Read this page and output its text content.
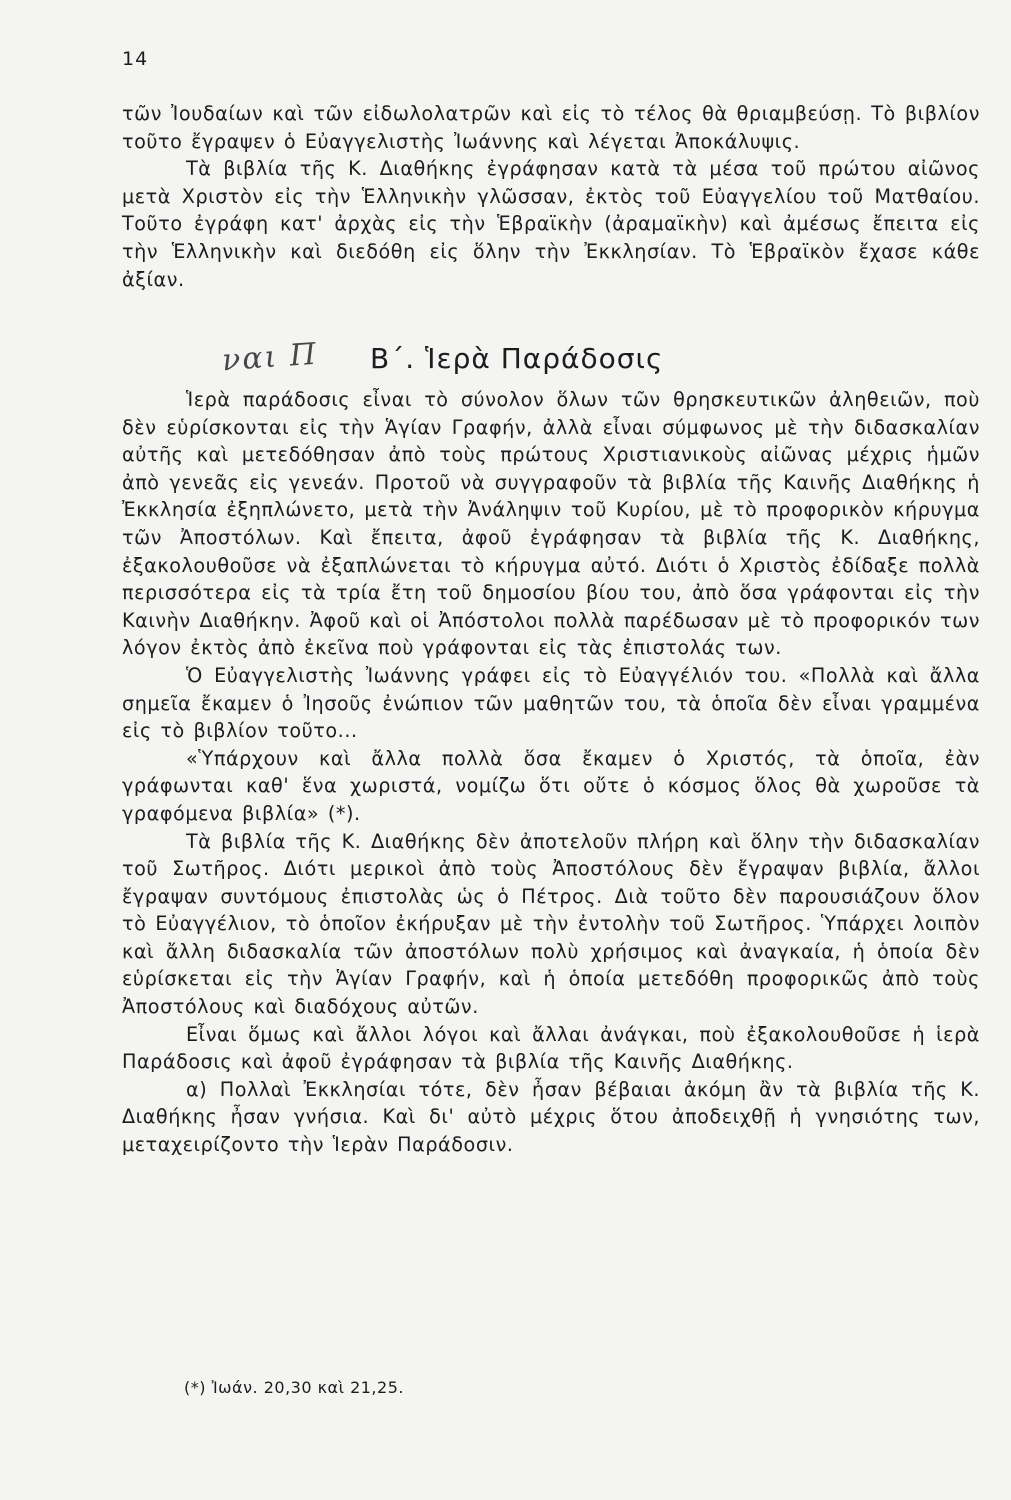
14

τῶν Ἰουδαίων καὶ τῶν εἰδωλολατρῶν καὶ εἰς τὸ τέλος θὰ θριαμβεύσῃ. Τὸ βιβλίον τοῦτο ἔγραψεν ὁ Εὐαγγελιστὴς Ἰωάννης καὶ λέγεται Ἀποκάλυψις.

Τὰ βιβλία τῆς Κ. Διαθήκης ἐγράφησαν κατὰ τὰ μέσα τοῦ πρώτου αἰῶνος μετὰ Χριστὸν εἰς τὴν Ἑλληνικὴν γλῶσσαν, ἐκτὸς τοῦ Εὐαγγελίου τοῦ Ματθαίου. Τοῦτο ἐγράφη κατ' ἀρχὰς εἰς τὴν Ἑβραϊκὴν (ἀραμαϊκὴν) καὶ ἀμέσως ἔπειτα εἰς τὴν Ἑλληνικὴν καὶ διεδόθη εἰς ὅλην τὴν Ἐκκλησίαν. Τὸ Ἑβραϊκὸν ἔχασε κάθε ἀξίαν.

ναι Π Β΄. Ἱερὰ Παράδοσις

Ἱερὰ παράδοσις εἶναι τὸ σύνολον ὅλων τῶν θρησκευτικῶν ἀληθειῶν, ποὺ δὲν εὑρίσκονται εἰς τὴν Ἁγίαν Γραφήν, ἀλλὰ εἶναι σύμφωνος μὲ τὴν διδασκαλίαν αὐτῆς καὶ μετεδόθησαν ἀπὸ τοὺς πρώτους Χριστιανικοὺς αἰῶνας μέχρις ἡμῶν ἀπὸ γενεᾶς εἰς γενεάν. Προτοῦ νὰ συγγραφοῦν τὰ βιβλία τῆς Καινῆς Διαθήκης ἡ Ἐκκλησία ἐξηπλώνετο, μετὰ τὴν Ἀνάληψιν τοῦ Κυρίου, μὲ τὸ προφορικὸν κήρυγμα τῶν Ἀποστόλων. Καὶ ἔπειτα, ἀφοῦ ἐγράφησαν τὰ βιβλία τῆς Κ. Διαθήκης, ἐξακολουθοῦσε νὰ ἐξαπλώνεται τὸ κήρυγμα αὐτό. Διότι ὁ Χριστὸς ἐδίδαξε πολλὰ περισσότερα εἰς τὰ τρία ἔτη τοῦ δημοσίου βίου του, ἀπὸ ὅσα γράφονται εἰς τὴν Καινὴν Διαθήκην. Ἀφοῦ καὶ οἱ Ἀπόστολοι πολλὰ παρέδωσαν μὲ τὸ προφορικόν των λόγον ἐκτὸς ἀπὸ ἐκεῖνα ποὺ γράφονται εἰς τὰς ἐπιστολάς των.

Ὁ Εὐαγγελιστὴς Ἰωάννης γράφει εἰς τὸ Εὐαγγέλιόν του. «Πολλὰ καὶ ἄλλα σημεῖα ἔκαμεν ὁ Ἰησοῦς ἐνώπιον τῶν μαθητῶν του, τὰ ὁποῖα δὲν εἶναι γραμμένα εἰς τὸ βιβλίον τοῦτο...

«Ὑπάρχουν καὶ ἄλλα πολλὰ ὅσα ἔκαμεν ὁ Χριστός, τὰ ὁποῖα, ἐὰν γράφωνται καθ' ἕνα χωριστά, νομίζω ὅτι οὔτε ὁ κόσμος ὅλος θὰ χωροῦσε τὰ γραφόμενα βιβλία» (*).

Τὰ βιβλία τῆς Κ. Διαθήκης δὲν ἀποτελοῦν πλήρη καὶ ὅλην τὴν διδασκαλίαν τοῦ Σωτῆρος. Διότι μερικοὶ ἀπὸ τοὺς Ἀποστόλους δὲν ἔγραψαν βιβλία, ἄλλοι ἔγραψαν συντόμους ἐπιστολὰς ὡς ὁ Πέτρος. Διὰ τοῦτο δὲν παρουσιάζουν ὅλον τὸ Εὐαγγέλιον, τὸ ὁποῖον ἐκήρυξαν μὲ τὴν ἐντολὴν τοῦ Σωτῆρος. Ὑπάρχει λοιπὸν καὶ ἄλλη διδασκαλία τῶν ἀποστόλων πολὺ χρήσιμος καὶ ἀναγκαία, ἡ ὁποία δὲν εὑρίσκεται εἰς τὴν Ἁγίαν Γραφήν, καὶ ἡ ὁποία μετεδόθη προφορικῶς ἀπὸ τοὺς Ἀποστόλους καὶ διαδόχους αὐτῶν.

Εἶναι ὅμως καὶ ἄλλοι λόγοι καὶ ἄλλαι ἀνάγκαι, ποὺ ἐξακολουθοῦσε ἡ ἱερὰ Παράδοσις καὶ ἀφοῦ ἐγράφησαν τὰ βιβλία τῆς Καινῆς Διαθήκης.

α) Πολλαὶ Ἐκκλησίαι τότε, δὲν ἦσαν βέβαιαι ἀκόμη ἂν τὰ βιβλία τῆς Κ. Διαθήκης ἦσαν γνήσια. Καὶ δι' αὐτὸ μέχρις ὅτου ἀποδειχθῇ ἡ γνησιότης των, μεταχειρίζοντο τὴν Ἱερὰν Παράδοσιν.

(*) Ἰωάν. 20,30 καὶ 21,25.
